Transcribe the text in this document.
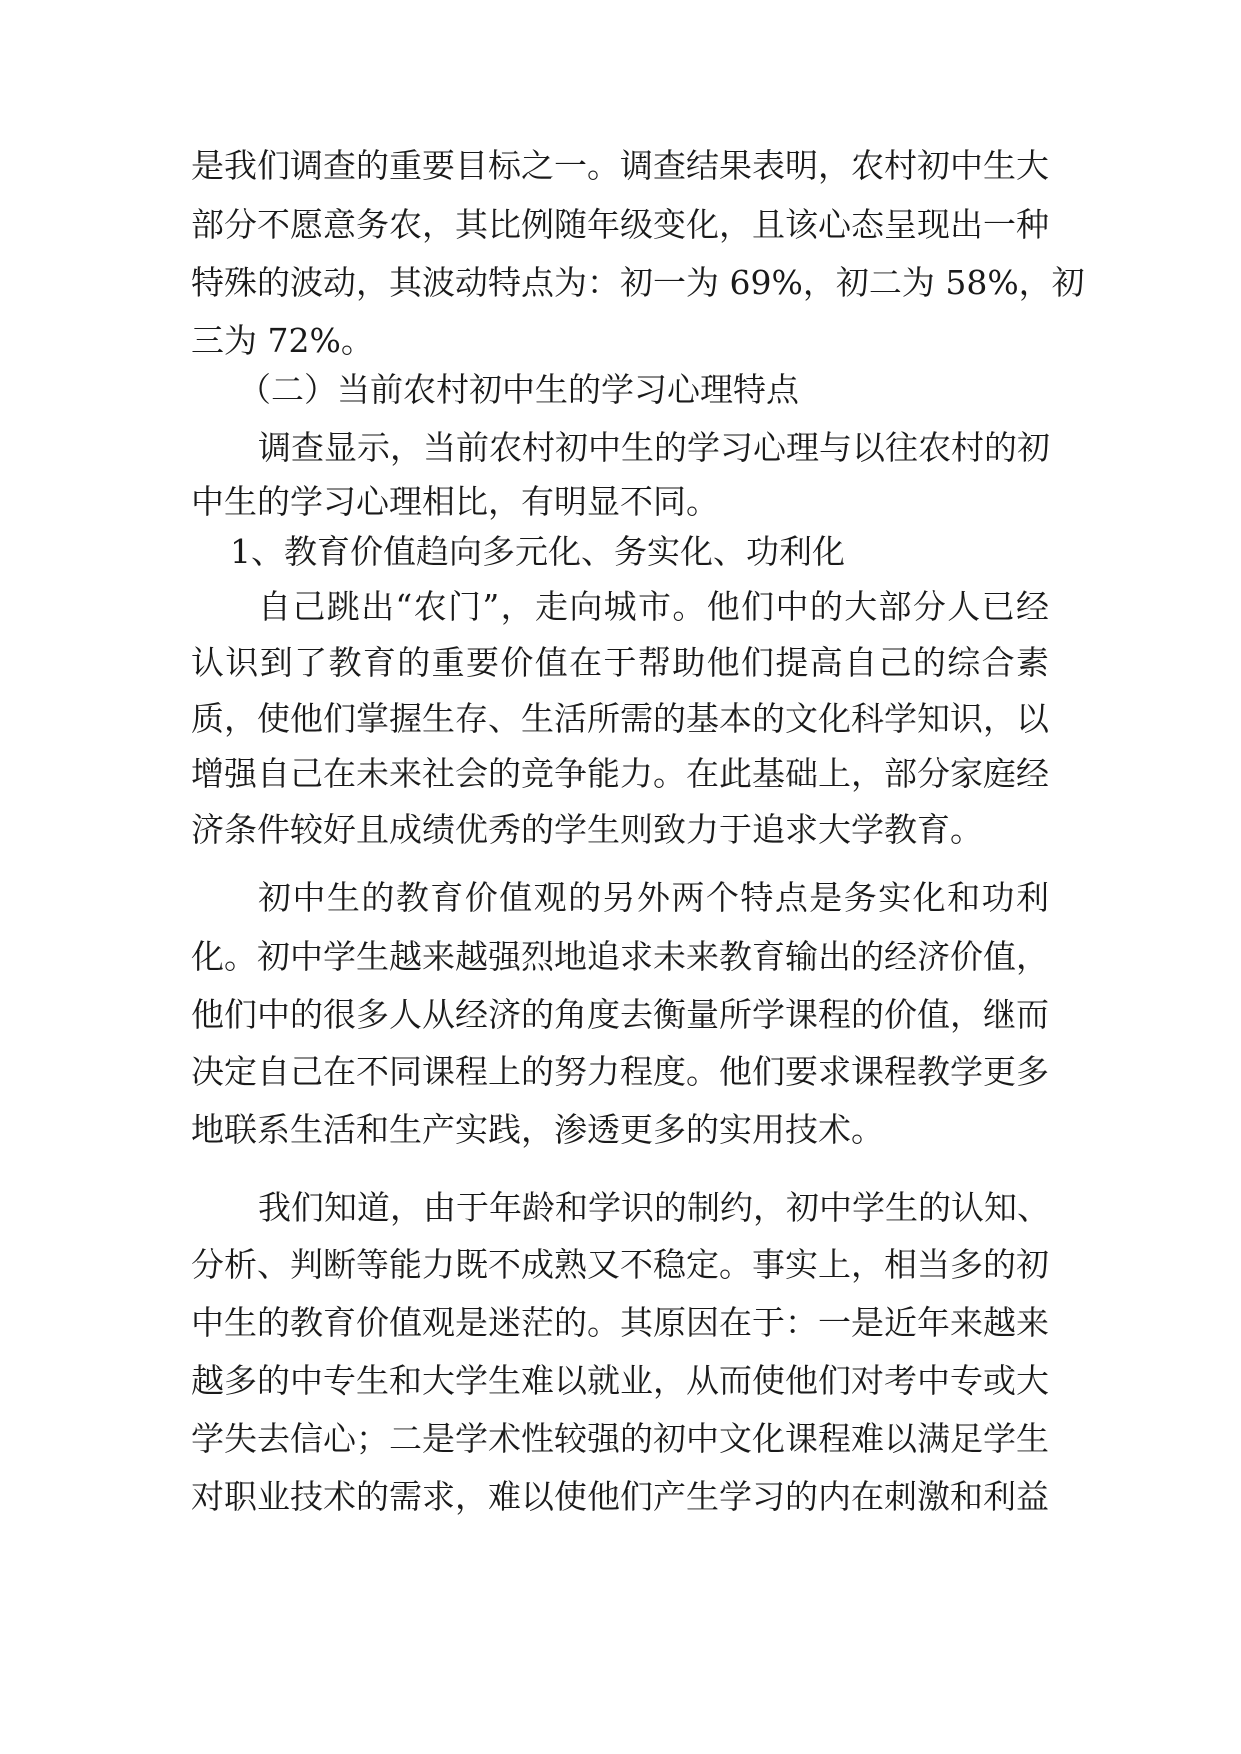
是我们调查的重要目标之一。调查结果表明，农村初中生大
部分不愿意务农，其比例随年级变化，且该心态呈现出一种
特殊的波动，其波动特点为：初一为 69%，初二为 58%，初
三为 72%。
（二）当前农村初中生的学习心理特点
调查显示，当前农村初中生的学习心理与以往农村的初
中生的学习心理相比，有明显不同。
1、教育价值趋向多元化、务实化、功利化
自己跳出“农门”，走向城市。他们中的大部分人已经
认识到了教育的重要价值在于帮助他们提高自己的综合素
质，使他们掌握生存、生活所需的基本的文化科学知识，以
增强自己在未来社会的竞争能力。在此基础上，部分家庭经
济条件较好且成绩优秀的学生则致力于追求大学教育。
初中生的教育价值观的另外两个特点是务实化和功利
化。初中学生越来越强烈地追求未来教育输出的经济价值，
他们中的很多人从经济的角度去衡量所学课程的价值，继而
决定自己在不同课程上的努力程度。他们要求课程教学更多
地联系生活和生产实践，渗透更多的实用技术。
我们知道，由于年龄和学识的制约，初中学生的认知、
分析、判断等能力既不成熟又不稳定。事实上，相当多的初
中生的教育价值观是迷茫的。其原因在于：一是近年来越来
越多的中专生和大学生难以就业，从而使他们对考中专或大
学失去信心；二是学术性较强的初中文化课程难以满足学生
对职业技术的需求，难以使他们产生学习的内在刺激和利益
